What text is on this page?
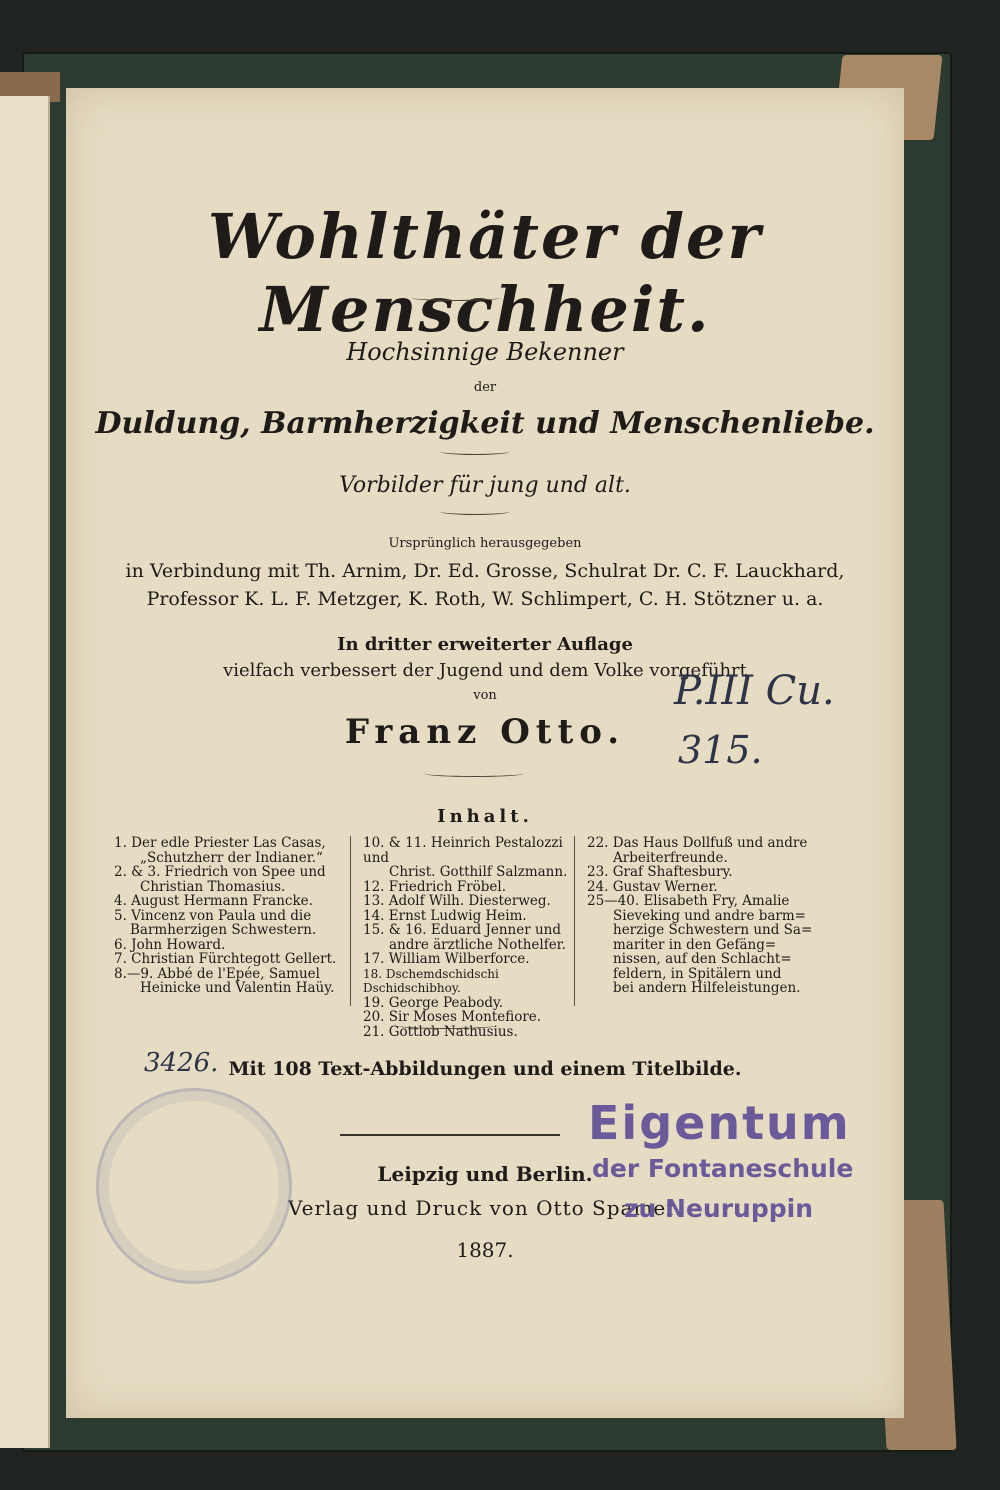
Wohlthäter der Menschheit.
Hochsinnige Bekenner
der
Duldung, Barmherzigkeit und Menschenliebe.
Vorbilder für jung und alt.
Ursprünglich herausgegeben
in Verbindung mit Th. Arnim, Dr. Ed. Grosse, Schulrat Dr. C. F. Lauckhard,
Professor K. L. F. Metzger, K. Roth, W. Schlimpert, C. H. Stötzner u. a.
In dritter erweiterter Auflage
vielfach verbessert der Jugend und dem Volke vorgeführt
von
Franz Otto.
Inhalt.
1. Der edle Priester Las Casas,
„Schutzherr der Indianer.“
2. & 3. Friedrich von Spee und
Christian Thomasius.
4. August Hermann Francke.
5. Vincenz von Paula und die
Barmherzigen Schwestern.
6. John Howard.
7. Christian Fürchtegott Gellert.
8.—9. Abbé de l'Epée, Samuel
Heinicke und Valentin Haüy.
10. & 11. Heinrich Pestalozzi und
Christ. Gotthilf Salzmann.
12. Friedrich Fröbel.
13. Adolf Wilh. Diesterweg.
14. Ernst Ludwig Heim.
15. & 16. Eduard Jenner und
andre ärztliche Nothelfer.
17. William Wilberforce.
18. Dschemdschidschi Dschidschibhoy.
19. George Peabody.
20. Sir Moses Montefiore.
21. Gottlob Nathusius.
22. Das Haus Dollfuß und andre
Arbeiterfreunde.
23. Graf Shaftesbury.
24. Gustav Werner.
25—40. Elisabeth Fry, Amalie
Sieveking und andre barm=
herzige Schwestern und Sa=
mariter in den Gefäng=
nissen, auf den Schlacht=
feldern, in Spitälern und
bei andern Hilfeleistungen.
Mit 108 Text-Abbildungen und einem Titelbilde.
Leipzig und Berlin.
Verlag und Druck von Otto Spamer.
1887.
P.III Cu.
315.
3426.
Eigentum
der Fontaneschule
zu Neuruppin
